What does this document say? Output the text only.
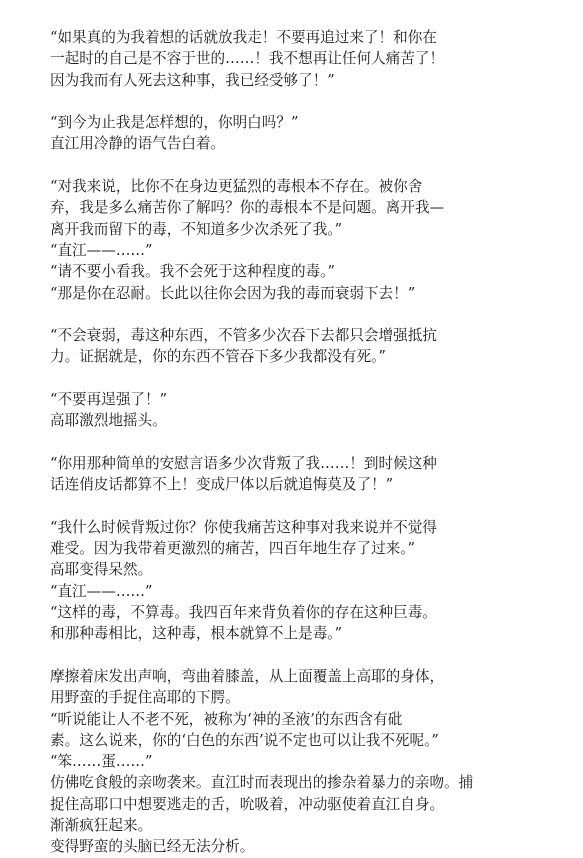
“如果真的为我着想的话就放我走！不要再追过来了！和你在
一起时的自己是不容于世的……！我不想再让任何人痛苦了！
因为我而有人死去这种事，我已经受够了！”
“到今为止我是怎样想的，你明白吗？”
直江用冷静的语气告白着。
“对我来说，比你不在身边更猛烈的毒根本不存在。被你舍
弃，我是多么痛苦你了解吗？你的毒根本不是问题。离开我—
离开我而留下的毒，不知道多少次杀死了我。”
“直江——……”
“请不要小看我。我不会死于这种程度的毒。”
“那是你在忍耐。长此以往你会因为我的毒而衰弱下去！”
“不会衰弱，毒这种东西，不管多少次吞下去都只会增强抵抗
力。证据就是，你的东西不管吞下多少我都没有死。”
“不要再逞强了！”
高耶激烈地摇头。
“你用那种简单的安慰言语多少次背叛了我……！到时候这种
话连俏皮话都算不上！变成尸体以后就追悔莫及了！”
“我什么时候背叛过你？你使我痛苦这种事对我来说并不觉得
难受。因为我带着更激烈的痛苦，四百年地生存了过来。”
高耶变得呆然。
“直江——……”
“这样的毒，不算毒。我四百年来背负着你的存在这种巨毒。
和那种毒相比，这种毒，根本就算不上是毒。”
摩擦着床发出声响，弯曲着膝盖，从上面覆盖上高耶的身体，
用野蛮的手捉住高耶的下腭。
“听说能让人不老不死，被称为‘神的圣液’的东西含有砒
素。这么说来，你的‘白色的东西’说不定也可以让我不死呢。”
“笨……蛋……”
仿佛吃食般的亲吻袭来。直江时而表现出的掺杂着暴力的亲吻。捕
捉住高耶口中想要逃走的舌，吮吸着，冲动驱使着直江自身。
渐渐疯狂起来。
变得野蛮的头脑已经无法分析。
